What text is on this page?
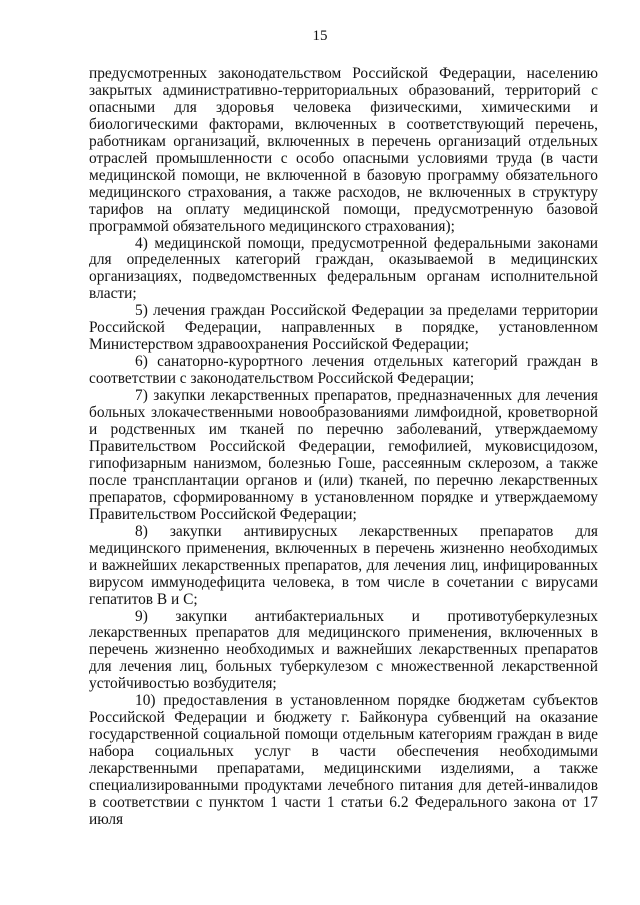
15

предусмотренных законодательством Российской Федерации, населению закрытых административно-территориальных образований, территорий с опасными для здоровья человека физическими, химическими и биологическими факторами, включенных в соответствующий перечень, работникам организаций, включенных в перечень организаций отдельных отраслей промышленности с особо опасными условиями труда (в части медицинской помощи, не включенной в базовую программу обязательного медицинского страхования, а также расходов, не включенных в структуру тарифов на оплату медицинской помощи, предусмотренную базовой программой обязательного медицинского страхования);

4) медицинской помощи, предусмотренной федеральными законами для определенных категорий граждан, оказываемой в медицинских организациях, подведомственных федеральным органам исполнительной власти;

5) лечения граждан Российской Федерации за пределами территории Российской Федерации, направленных в порядке, установленном Министерством здравоохранения Российской Федерации;

6) санаторно-курортного лечения отдельных категорий граждан в соответствии с законодательством Российской Федерации;

7) закупки лекарственных препаратов, предназначенных для лечения больных злокачественными новообразованиями лимфоидной, кроветворной и родственных им тканей по перечню заболеваний, утверждаемому Правительством Российской Федерации, гемофилией, муковисцидозом, гипофизарным нанизмом, болезнью Гоше, рассеянным склерозом, а также после трансплантации органов и (или) тканей, по перечню лекарственных препаратов, сформированному в установленном порядке и утверждаемому Правительством Российской Федерации;

8) закупки антивирусных лекарственных препаратов для медицинского применения, включенных в перечень жизненно необходимых и важнейших лекарственных препаратов, для лечения лиц, инфицированных вирусом иммунодефицита человека, в том числе в сочетании с вирусами гепатитов В и С;

9) закупки антибактериальных и противотуберкулезных лекарственных препаратов для медицинского применения, включенных в перечень жизненно необходимых и важнейших лекарственных препаратов для лечения лиц, больных туберкулезом с множественной лекарственной устойчивостью возбудителя;

10) предоставления в установленном порядке бюджетам субъектов Российской Федерации и бюджету г. Байконура субвенций на оказание государственной социальной помощи отдельным категориям граждан в виде набора социальных услуг в части обеспечения необходимыми лекарственными препаратами, медицинскими изделиями, а также специализированными продуктами лечебного питания для детей-инвалидов в соответствии с пунктом 1 части 1 статьи 6.2 Федерального закона от 17 июля
